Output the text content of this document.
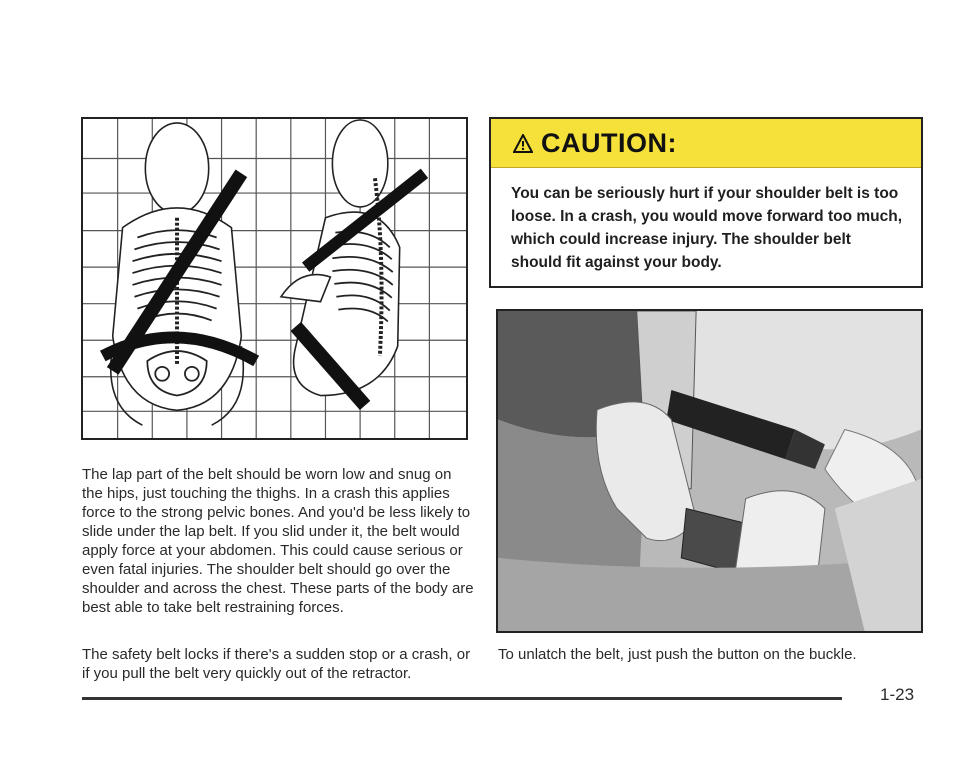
The lap part of the belt should be worn low and snug on the hips, just touching the thighs. In a crash this applies force to the strong pelvic bones. And you'd be less likely to slide under the lap belt. If you slid under it, the belt would apply force at your abdomen. This could cause serious or even fatal injuries. The shoulder belt should go over the shoulder and across the chest. These parts of the body are best able to take belt restraining forces.

The safety belt locks if there's a sudden stop or a crash, or if you pull the belt very quickly out of the retractor.

CAUTION:
You can be seriously hurt if your shoulder belt is too loose. In a crash, you would move forward too much, which could increase injury. The shoulder belt should fit against your body.

To unlatch the belt, just push the button on the buckle.

1-23
